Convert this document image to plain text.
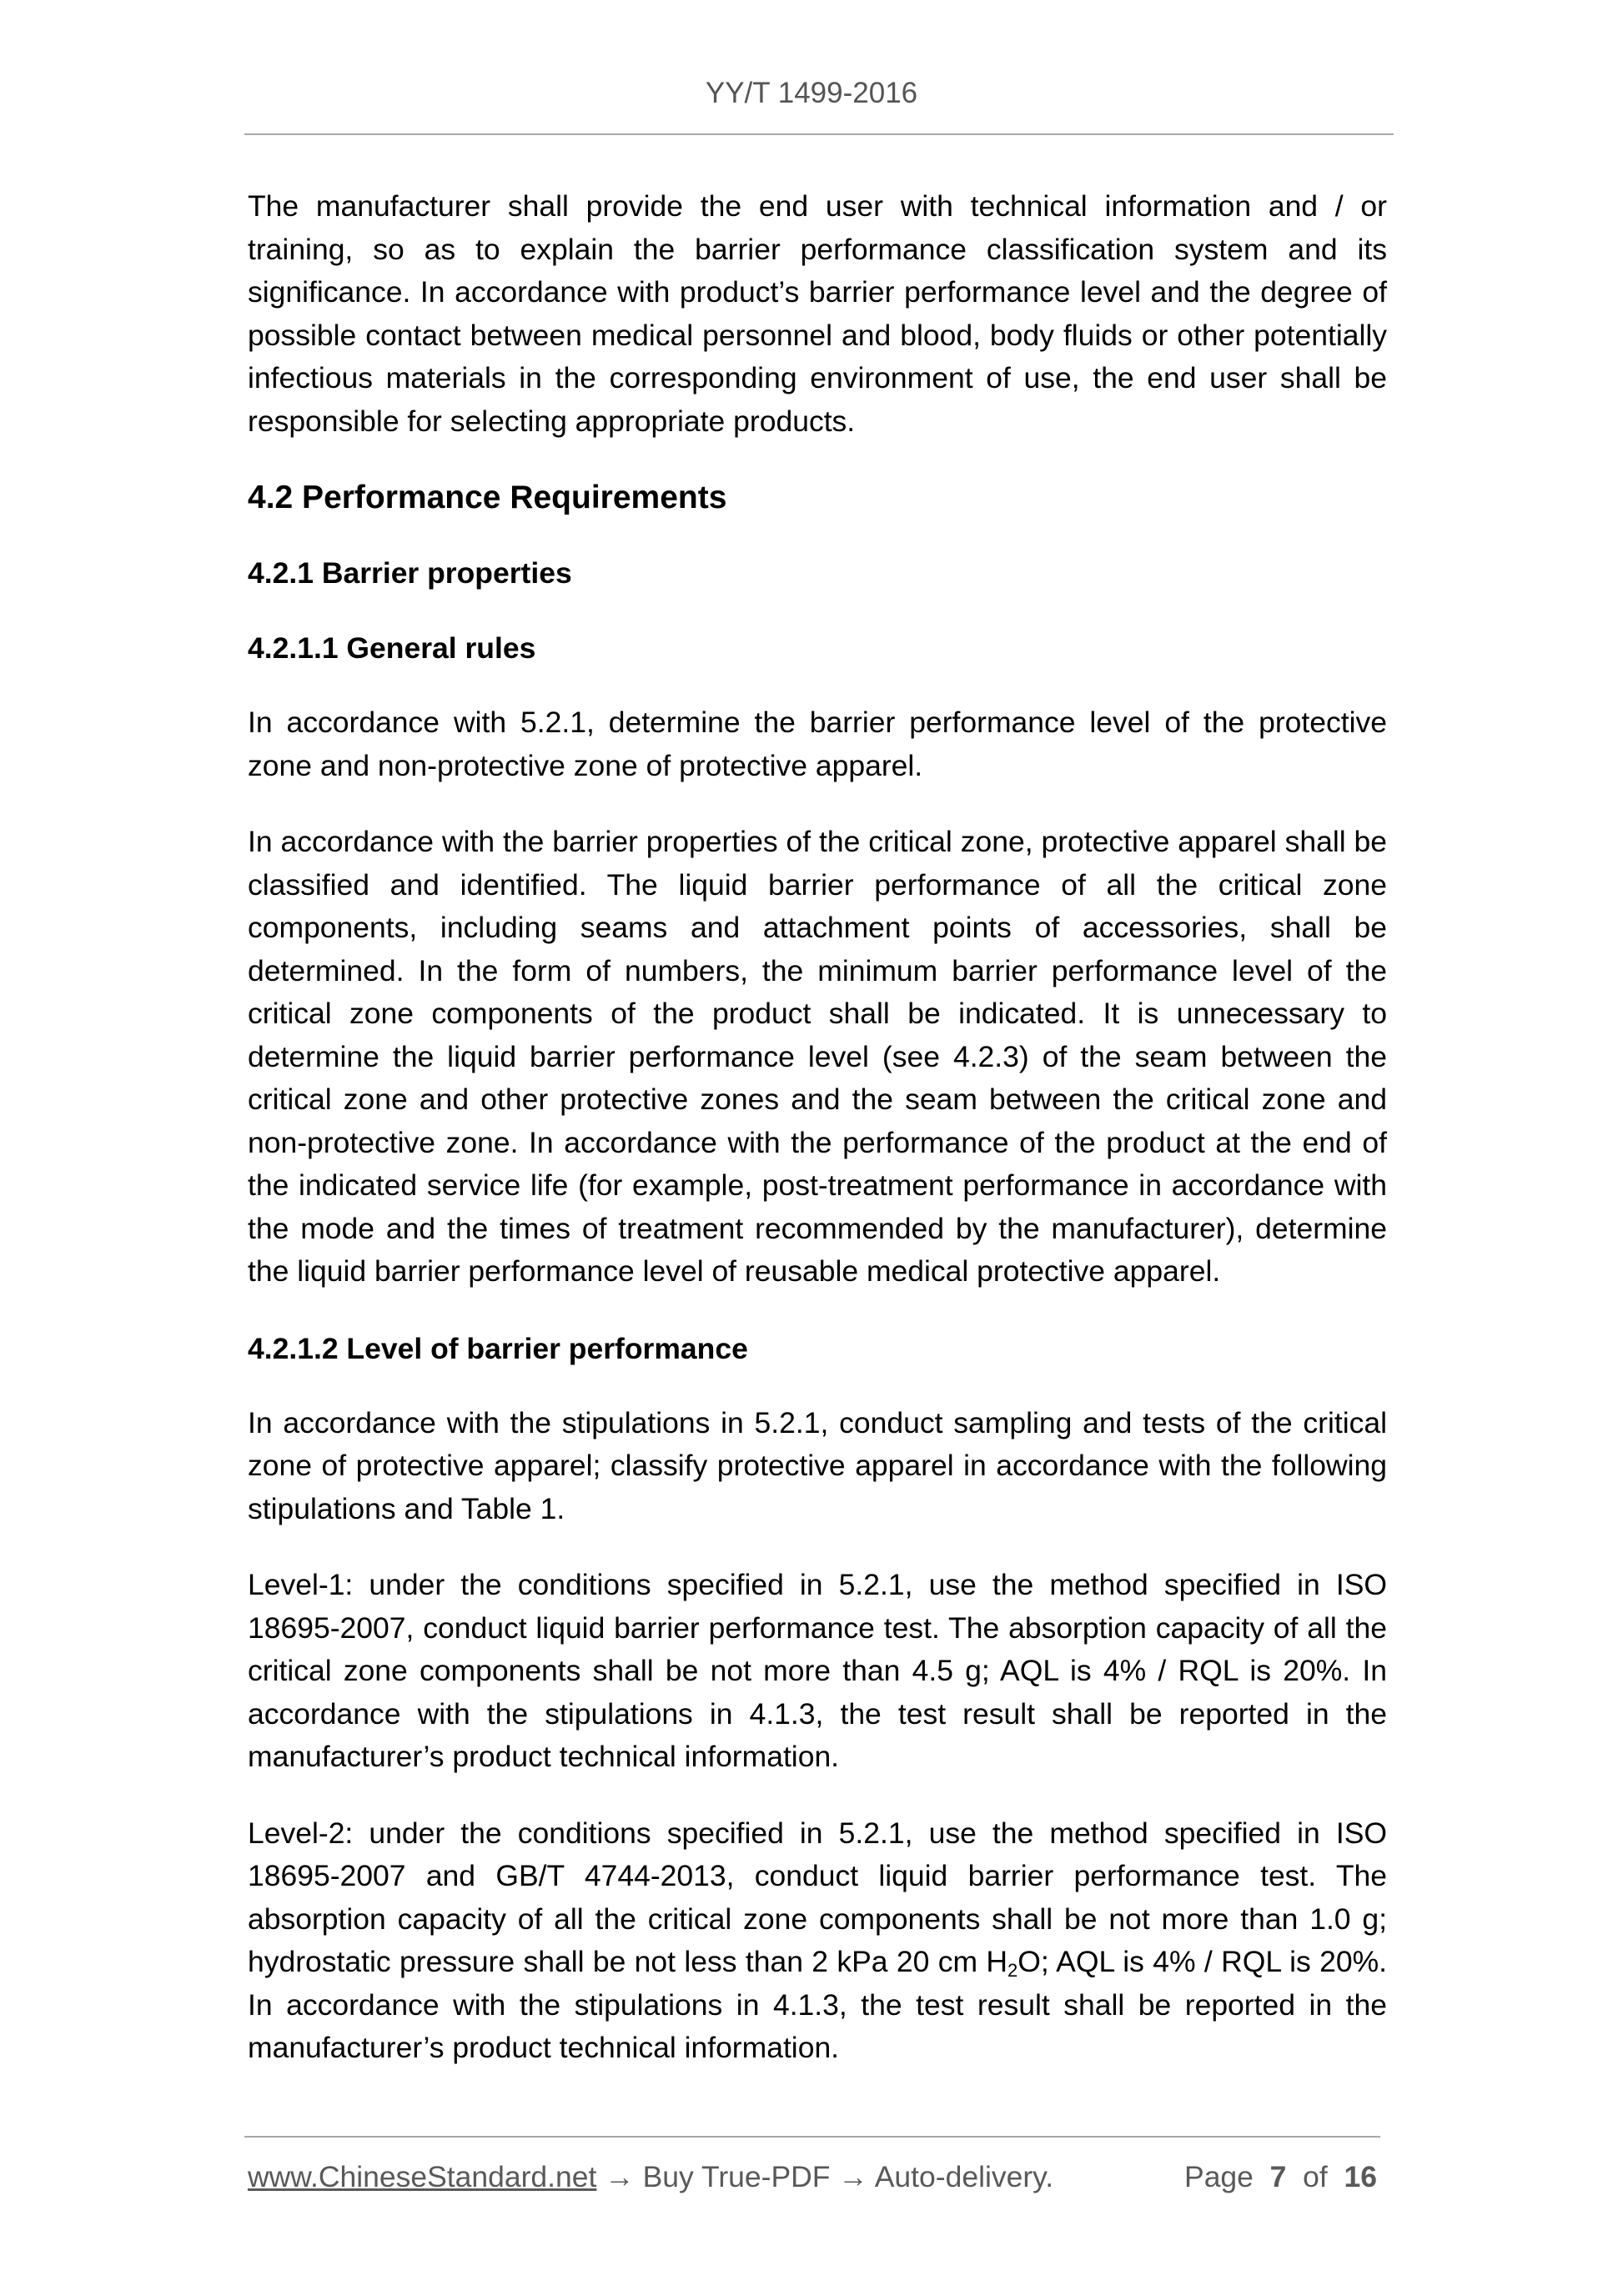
YY/T 1499-2016

The manufacturer shall provide the end user with technical information and / or training, so as to explain the barrier performance classification system and its significance. In accordance with product’s barrier performance level and the degree of possible contact between medical personnel and blood, body fluids or other potentially infectious materials in the corresponding environment of use, the end user shall be responsible for selecting appropriate products.

4.2 Performance Requirements
4.2.1 Barrier properties
4.2.1.1 General rules

In accordance with 5.2.1, determine the barrier performance level of the protective zone and non-protective zone of protective apparel.

In accordance with the barrier properties of the critical zone, protective apparel shall be classified and identified. The liquid barrier performance of all the critical zone components, including seams and attachment points of accessories, shall be determined. In the form of numbers, the minimum barrier performance level of the critical zone components of the product shall be indicated. It is unnecessary to determine the liquid barrier performance level (see 4.2.3) of the seam between the critical zone and other protective zones and the seam between the critical zone and non-protective zone. In accordance with the performance of the product at the end of the indicated service life (for example, post-treatment performance in accordance with the mode and the times of treatment recommended by the manufacturer), determine the liquid barrier performance level of reusable medical protective apparel.

4.2.1.2 Level of barrier performance

In accordance with the stipulations in 5.2.1, conduct sampling and tests of the critical zone of protective apparel; classify protective apparel in accordance with the following stipulations and Table 1.

Level-1: under the conditions specified in 5.2.1, use the method specified in ISO 18695-2007, conduct liquid barrier performance test. The absorption capacity of all the critical zone components shall be not more than 4.5 g; AQL is 4% / RQL is 20%. In accordance with the stipulations in 4.1.3, the test result shall be reported in the manufacturer’s product technical information.

Level-2: under the conditions specified in 5.2.1, use the method specified in ISO 18695-2007 and GB/T 4744-2013, conduct liquid barrier performance test. The absorption capacity of all the critical zone components shall be not more than 1.0 g; hydrostatic pressure shall be not less than 2 kPa 20 cm $H_2O$; AQL is 4% / RQL is 20%. In accordance with the stipulations in 4.1.3, the test result shall be reported in the manufacturer’s product technical information.

www.ChineseStandard.net → Buy True-PDF → Auto-delivery.	Page 7 of 16
